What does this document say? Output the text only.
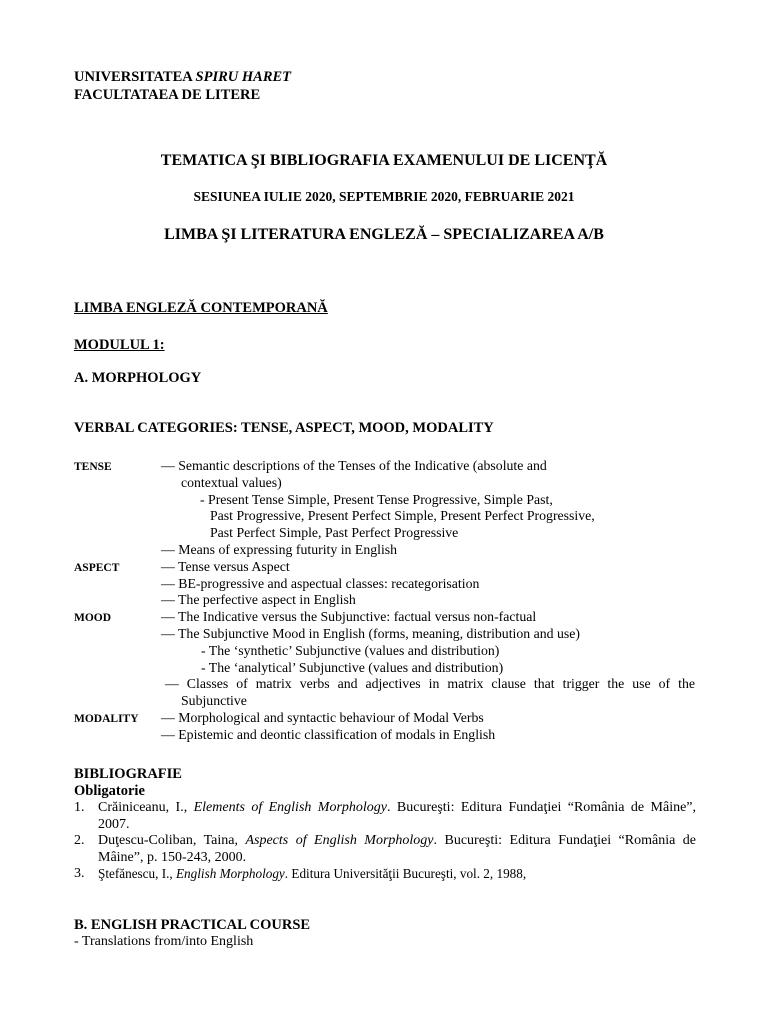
UNIVERSITATEA SPIRU HARET
FACULTATAEA DE LITERE
TEMATICA ŞI BIBLIOGRAFIA EXAMENULUI DE LICENŢĂ
SESIUNEA IULIE 2020, SEPTEMBRIE 2020, FEBRUARIE 2021
LIMBA ŞI LITERATURA ENGLEZĂ – SPECIALIZAREA A/B
LIMBA ENGLEZĂ CONTEMPORANĂ
MODULUL 1:
A. MORPHOLOGY
VERBAL CATEGORIES: TENSE, ASPECT, MOOD, MODALITY
TENSE	— Semantic descriptions of the Tenses of the Indicative (absolute and
contextual values)
- Present Tense Simple, Present Tense Progressive, Simple Past,
Past Progressive, Present Perfect Simple, Present Perfect Progressive,
Past Perfect Simple, Past Perfect Progressive
— Means of expressing futurity in English
ASPECT	— Tense versus Aspect
— BE-progressive and aspectual classes: recategorisation
— The perfective aspect in English
MOOD	— The Indicative versus the Subjunctive: factual versus non-factual
— The Subjunctive Mood in English (forms, meaning, distribution and use)
- The ‘synthetic’ Subjunctive (values and distribution)
- The ‘analytical’ Subjunctive (values and distribution)
— Classes of matrix verbs and adjectives in matrix clause that trigger the use of the
Subjunctive
MODALITY — Morphological and syntactic behaviour of Modal Verbs
— Epistemic and deontic classification of modals in English
BIBLIOGRAFIE
Obligatorie
1. Crăiniceanu, I., Elements of English Morphology. Bucureşti: Editura Fundaţiei “România de Mâine”, 2007.
2. Duţescu-Coliban, Taina, Aspects of English Morphology. Bucureşti: Editura Fundaţiei “România de Mâine”, p. 150-243, 2000.
3. Ştefănescu, I., English Morphology. Editura Universităţii Bucureşti, vol. 2, 1988,
B. ENGLISH PRACTICAL COURSE
- Translations from/into English
